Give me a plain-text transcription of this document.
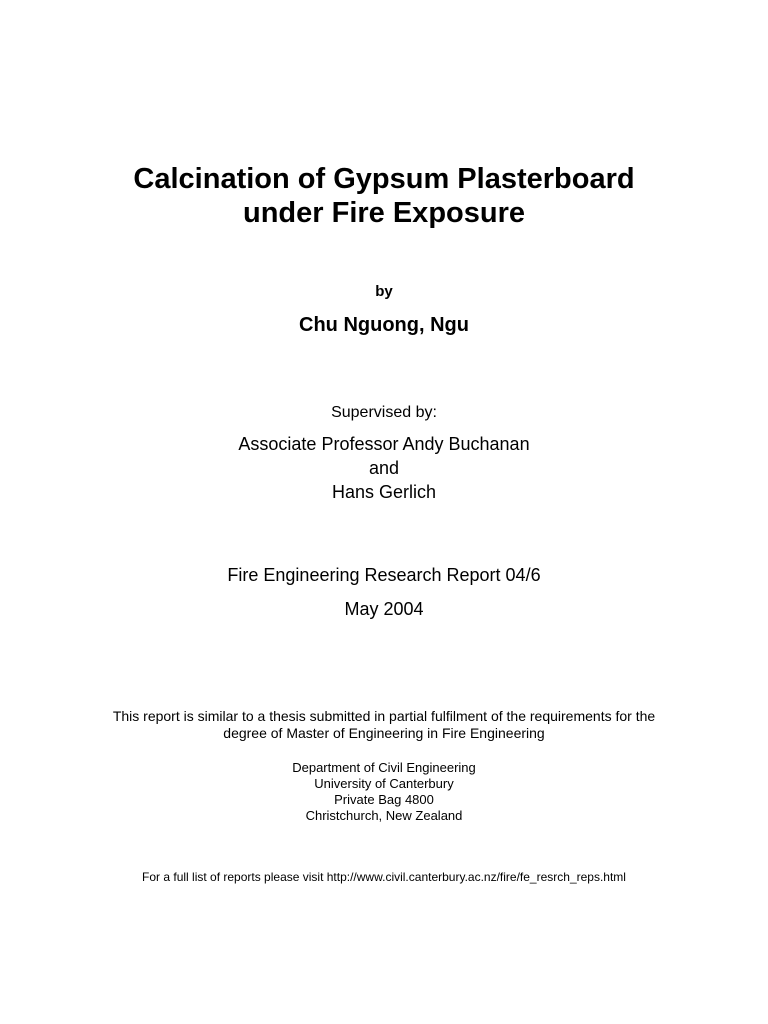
Calcination of Gypsum Plasterboard
under Fire Exposure
by
Chu Nguong, Ngu
Supervised by:
Associate Professor Andy Buchanan
and
Hans Gerlich
Fire Engineering Research Report 04/6
May 2004
This report is similar to a thesis submitted in partial fulfilment of the requirements for the
degree of Master of Engineering in Fire Engineering
Department of Civil Engineering
University of Canterbury
Private Bag 4800
Christchurch, New Zealand
For a full list of reports please visit http://www.civil.canterbury.ac.nz/fire/fe_resrch_reps.html
